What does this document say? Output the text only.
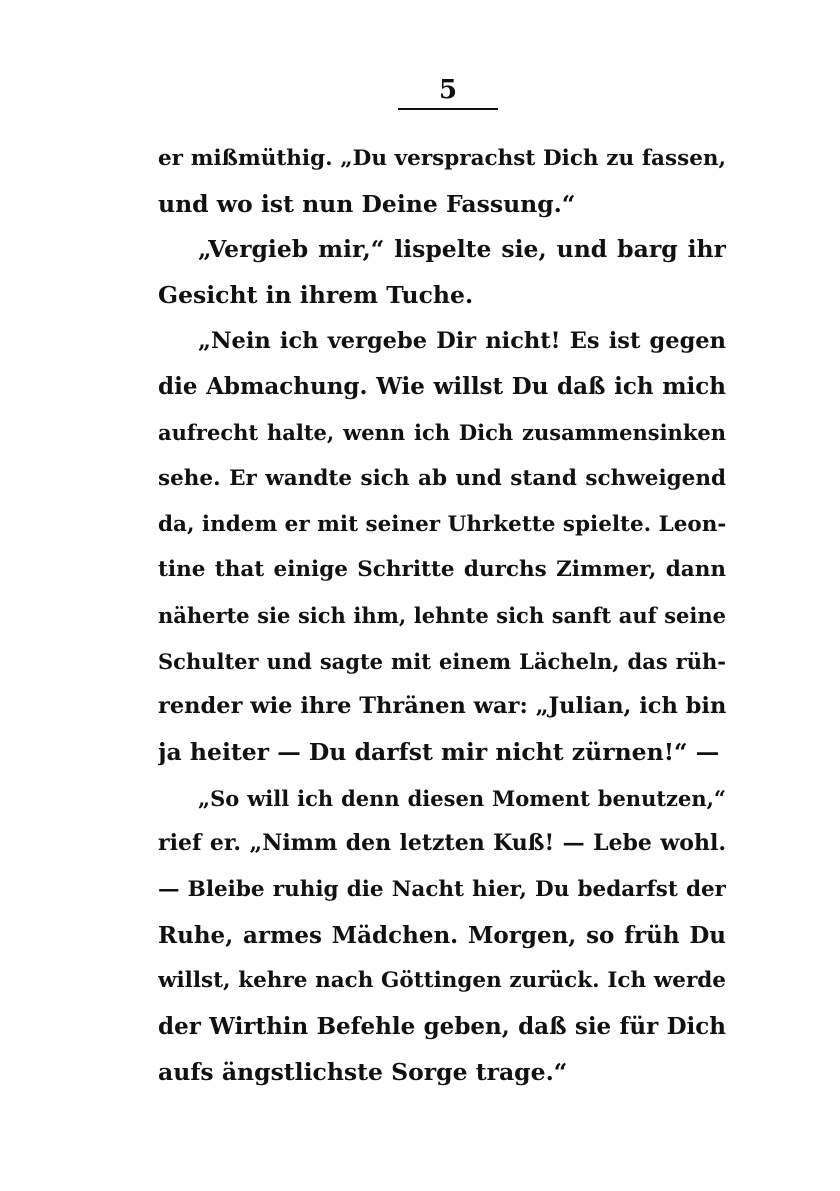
5
er mißmüthig. „Du versprachst Dich zu fassen,
und wo ist nun Deine Fassung.“
„Vergieb mir,“ lispelte sie, und barg ihr
Gesicht in ihrem Tuche.
„Nein ich vergebe Dir nicht! Es ist gegen
die Abmachung. Wie willst Du daß ich mich
aufrecht halte, wenn ich Dich zusammensinken
sehe. Er wandte sich ab und stand schweigend
da, indem er mit seiner Uhrkette spielte. Leon-
tine that einige Schritte durchs Zimmer, dann
näherte sie sich ihm, lehnte sich sanft auf seine
Schulter und sagte mit einem Lächeln, das rüh-
render wie ihre Thränen war: „Julian, ich bin
ja heiter — Du darfst mir nicht zürnen!“ —
„So will ich denn diesen Moment benutzen,“
rief er. „Nimm den letzten Kuß! — Lebe wohl.
— Bleibe ruhig die Nacht hier, Du bedarfst der
Ruhe, armes Mädchen. Morgen, so früh Du
willst, kehre nach Göttingen zurück. Ich werde
der Wirthin Befehle geben, daß sie für Dich
aufs ängstlichste Sorge trage.“
